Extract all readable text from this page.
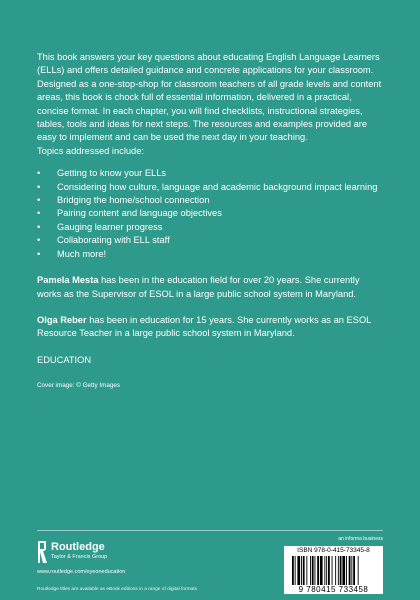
This book answers your key questions about educating English Language Learners (ELLs) and offers detailed guidance and concrete applications for your classroom. Designed as a one-stop-shop for classroom teachers of all grade levels and content areas, this book is chock full of essential information, delivered in a practical, concise format. In each chapter, you will find checklists, instructional strategies, tables, tools and ideas for next steps. The resources and examples provided are easy to implement and can be used the next day in your teaching.

Topics addressed include:

• Getting to know your ELLs
• Considering how culture, language and academic background impact learning
• Bridging the home/school connection
• Pairing content and language objectives
• Gauging learner progress
• Collaborating with ELL staff
• Much more!

Pamela Mesta has been in the education field for over 20 years. She currently works as the Supervisor of ESOL in a large public school system in Maryland.

Olga Reber has been in education for 15 years. She currently works as an ESOL Resource Teacher in a large public school system in Maryland.

EDUCATION

Cover image: © Getty Images

Routledge
Taylor & Francis Group
www.routledge.com/eyeoneducation
an informa business
ISBN 978-0-415-73345-8
9 780415 733458
Routledge titles are available as eBook editions in a range of digital formats
